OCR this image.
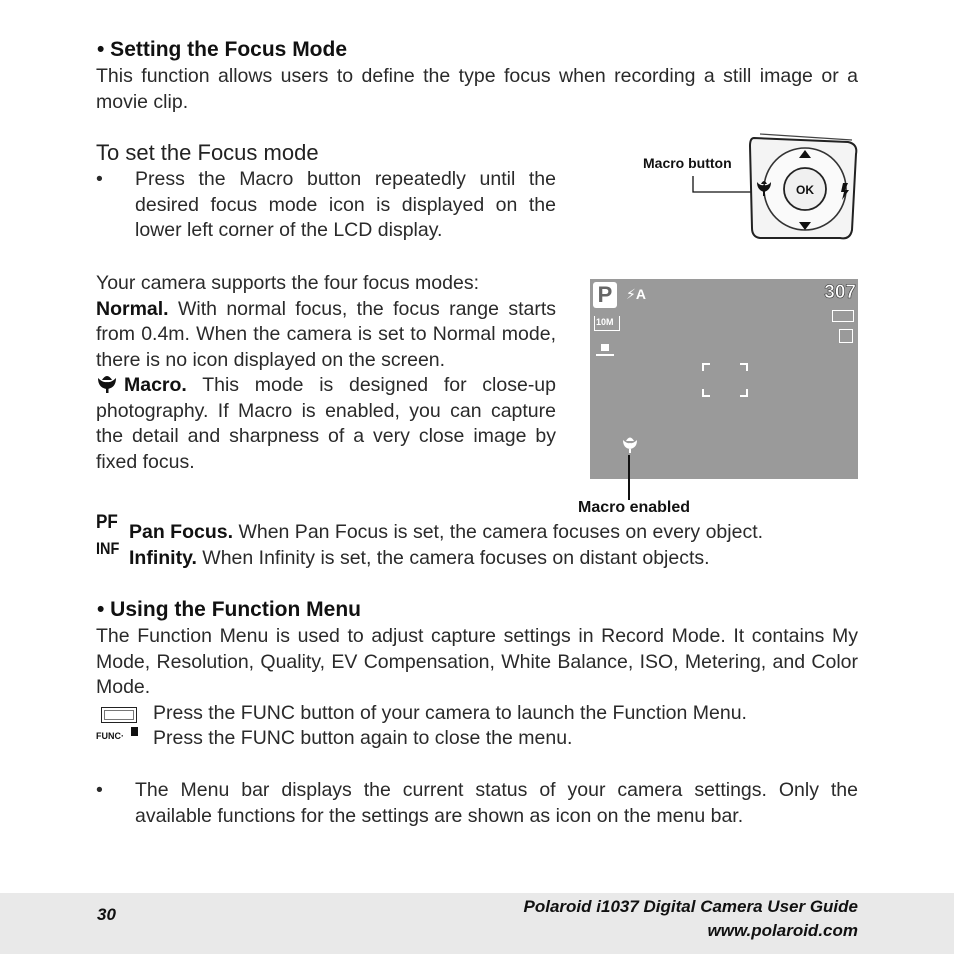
• Setting the Focus Mode
This function allows users to define the type focus when recording a still image or a movie clip.
To set the Focus mode
• Press the Macro button repeatedly until the desired focus mode icon is displayed on the lower left corner of the LCD display.
Macro button
OK
P ⚡A	307
10M
Macro enabled
Your camera supports the four focus modes:
Normal. With normal focus, the focus range starts from 0.4m. When the camera is set to Normal mode, there is no icon displayed on the screen.
Macro. This mode is designed for close-up photography. If Macro is enabled, you can capture the detail and sharpness of a very close image by fixed focus.
PF
INF
Pan Focus. When Pan Focus is set, the camera focuses on every object.
Infinity. When Infinity is set, the camera focuses on distant objects.
• Using the Function Menu
The Function Menu is used to adjust capture settings in Record Mode. It contains My Mode, Resolution, Quality, EV Compensation, White Balance, ISO, Metering, and Color Mode.
Press the FUNC button of your camera to launch the Function Menu.
FUNC· Press the FUNC button again to close the menu.
• The Menu bar displays the current status of your camera settings. Only the available functions for the settings are shown as icon on the menu bar.
30	Polaroid i1037 Digital Camera User Guide
www.polaroid.com
